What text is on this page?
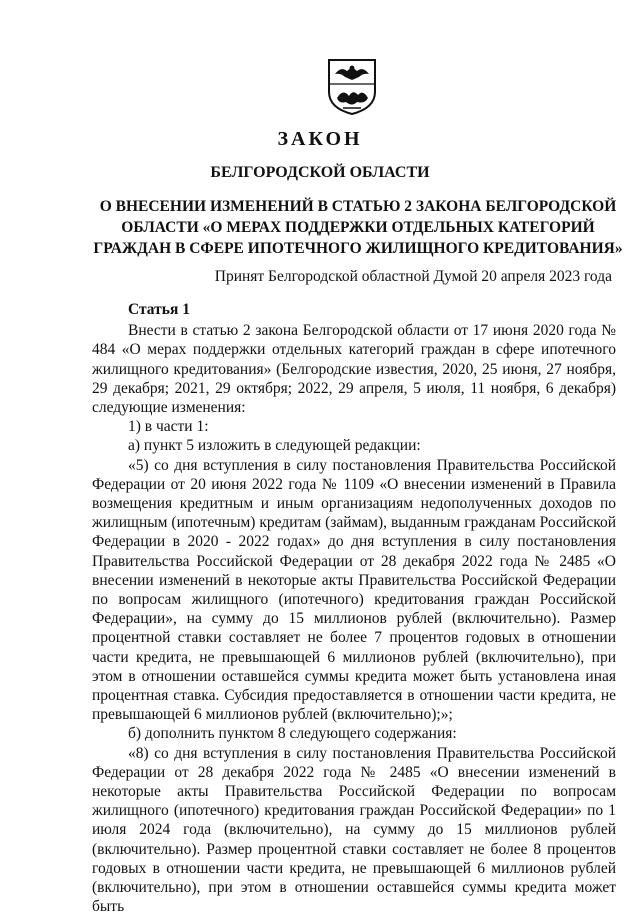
ЗАКОН
БЕЛГОРОДСКОЙ ОБЛАСТИ
О ВНЕСЕНИИ ИЗМЕНЕНИЙ В СТАТЬЮ 2 ЗАКОНА БЕЛГОРОДСКОЙ ОБЛАСТИ «О МЕРАХ ПОДДЕРЖКИ ОТДЕЛЬНЫХ КАТЕГОРИЙ ГРАЖДАН В СФЕРЕ ИПОТЕЧНОГО ЖИЛИЩНОГО КРЕДИТОВАНИЯ»
Принят Белгородской областной Думой 20 апреля 2023 года

Статья 1

Внести в статью 2 закона Белгородской области от 17 июня 2020 года № 484 «О мерах поддержки отдельных категорий граждан в сфере ипотечного жилищного кредитования» (Белгородские известия, 2020, 25 июня, 27 ноября, 29 декабря; 2021, 29 октября; 2022, 29 апреля, 5 июля, 11 ноября, 6 декабря) следующие изменения:

1) в части 1:

а) пункт 5 изложить в следующей редакции:

«5) со дня вступления в силу постановления Правительства Российской Федерации от 20 июня 2022 года № 1109 «О внесении изменений в Правила возмещения кредитным и иным организациям недополученных доходов по жилищным (ипотечным) кредитам (займам), выданным гражданам Российской Федерации в 2020 - 2022 годах» до дня вступления в силу постановления Правительства Российской Федерации от 28 декабря 2022 года № 2485 «О внесении изменений в некоторые акты Правительства Российской Федерации по вопросам жилищного (ипотечного) кредитования граждан Российской Федерации», на сумму до 15 миллионов рублей (включительно). Размер процентной ставки составляет не более 7 процентов годовых в отношении части кредита, не превышающей 6 миллионов рублей (включительно), при этом в отношении оставшейся суммы кредита может быть установлена иная процентная ставка. Субсидия предоставляется в отношении части кредита, не превышающей 6 миллионов рублей (включительно);»;

б) дополнить пунктом 8 следующего содержания:

«8) со дня вступления в силу постановления Правительства Российской Федерации от 28 декабря 2022 года № 2485 «О внесении изменений в некоторые акты Правительства Российской Федерации по вопросам жилищного (ипотечного) кредитования граждан Российской Федерации» по 1 июля 2024 года (включительно), на сумму до 15 миллионов рублей (включительно). Размер процентной ставки составляет не более 8 процентов годовых в отношении части кредита, не превышающей 6 миллионов рублей (включительно), при этом в отношении оставшейся суммы кредита может быть
